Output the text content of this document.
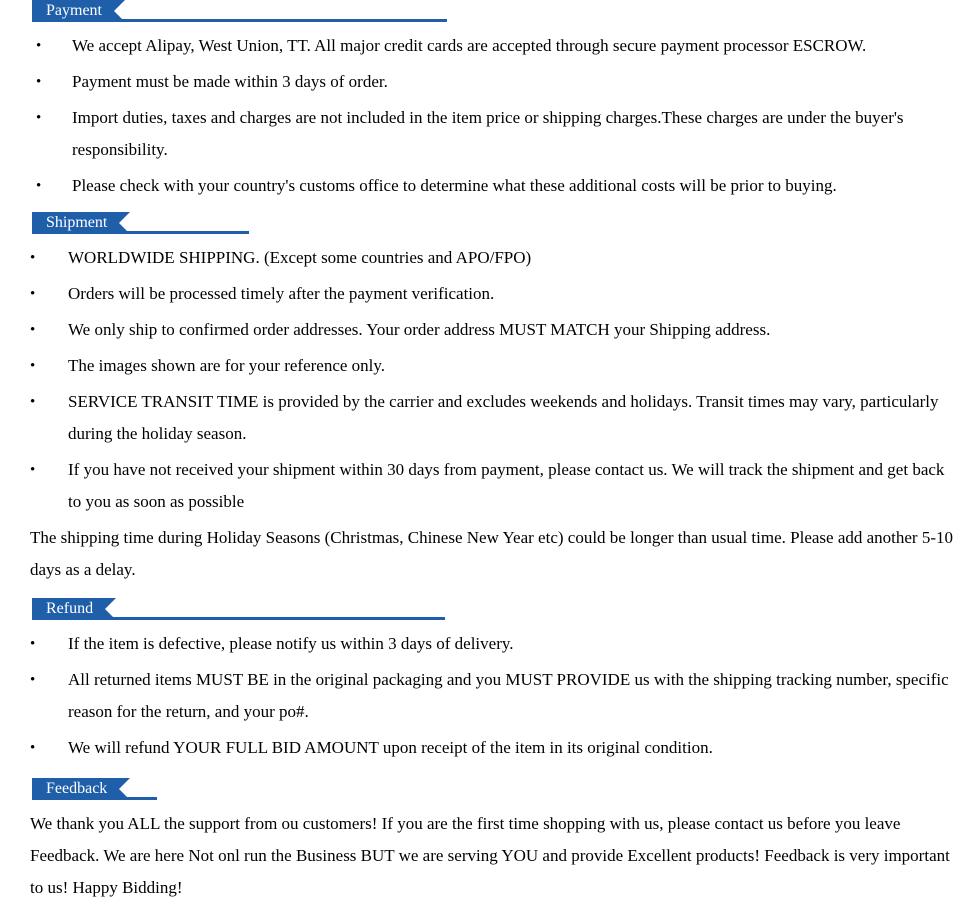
Payment
• We accept Alipay, West Union, TT. All major credit cards are accepted through secure payment processor ESCROW.
• Payment must be made within 3 days of order.
• Import duties, taxes and charges are not included in the item price or shipping charges.These charges are under the buyer's responsibility.
• Please check with your country's customs office to determine what these additional costs will be prior to buying.
Shipment
• WORLDWIDE SHIPPING. (Except some countries and APO/FPO)
• Orders will be processed timely after the payment verification.
• We only ship to confirmed order addresses. Your order address MUST MATCH your Shipping address.
• The images shown are for your reference only.
• SERVICE TRANSIT TIME is provided by the carrier and excludes weekends and holidays. Transit times may vary, particularly during the holiday season.
• If you have not received your shipment within 30 days from payment, please contact us. We will track the shipment and get back to you as soon as possible

The shipping time during Holiday Seasons (Christmas, Chinese New Year etc) could be longer than usual time. Please add another 5-10 days as a delay.

Refund
• If the item is defective, please notify us within 3 days of delivery.
• All returned items MUST BE in the original packaging and you MUST PROVIDE us with the shipping tracking number, specific reason for the return, and your po#.
• We will refund YOUR FULL BID AMOUNT upon receipt of the item in its original condition.
Feedback

We thank you ALL the support from ou customers! If you are the first time shopping with us, please contact us before you leave Feedback. We are here Not onl run the Business BUT we are serving YOU and provide Excellent products! Feedback is very important to us! Happy Bidding!
